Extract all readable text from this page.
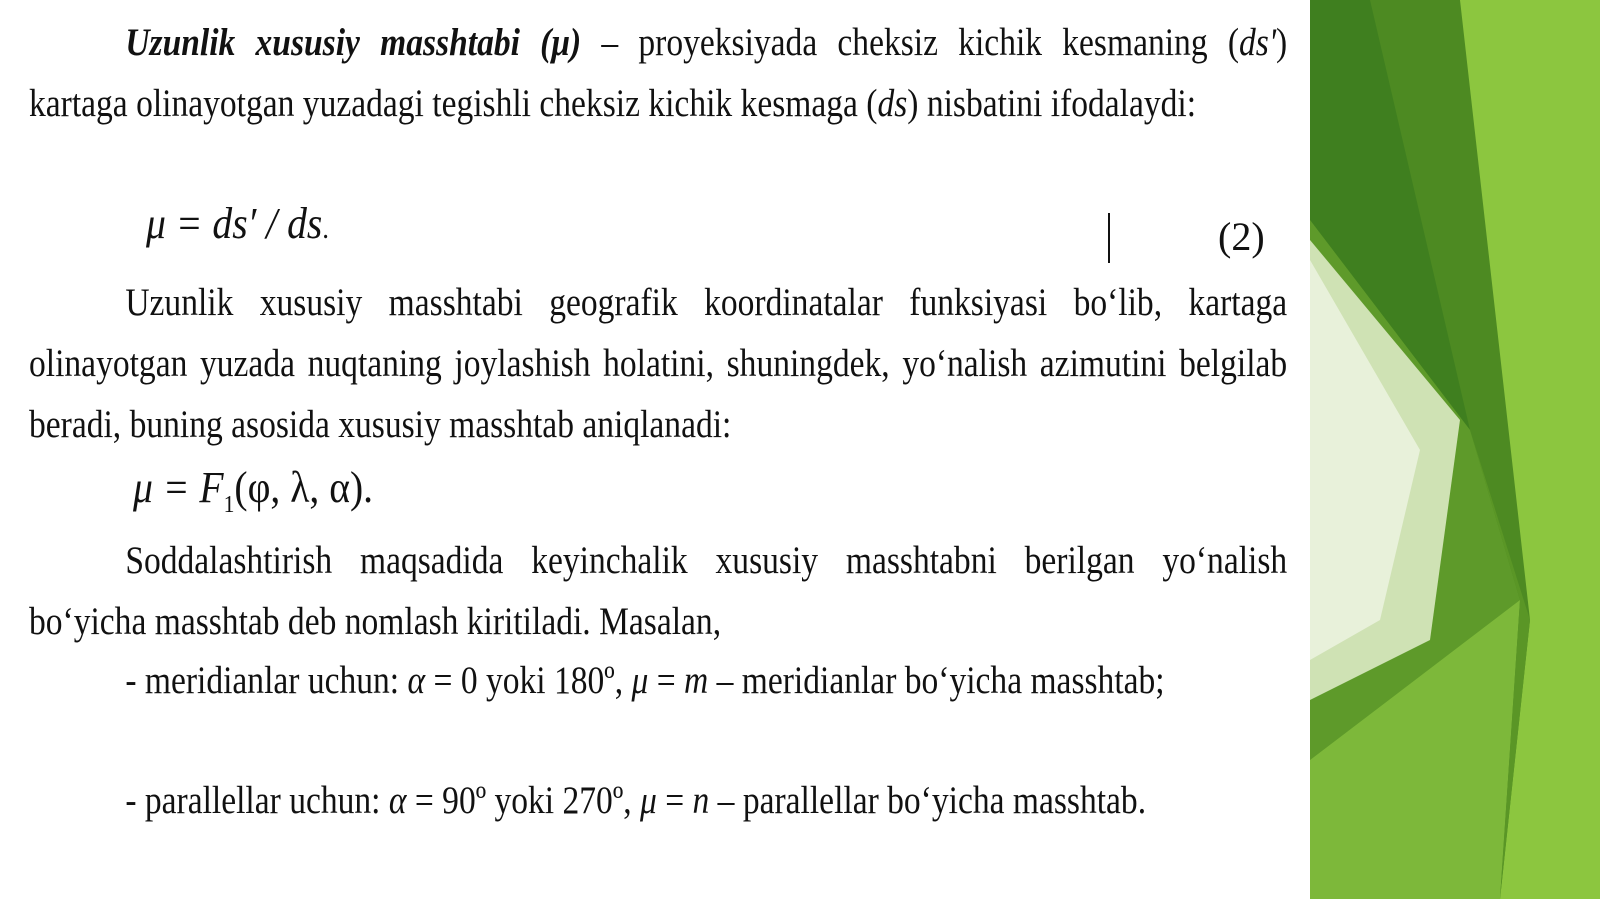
Uzunlik xususiy masshtabi (μ) – proyeksiyada cheksiz kichik kesmaning (ds') kartaga olinayotgan yuzadagi tegishli cheksiz kichik kesmaga (ds) nisbatini ifodalaydi:

μ = ds′ / ds.	(2)

Uzunlik xususiy masshtabi geografik koordinatalar funksiyasi bo‘lib, kartaga olinayotgan yuzada nuqtaning joylashish holatini, shuningdek, yo‘nalish azimutini belgilab beradi, buning asosida xususiy masshtab aniqlanadi:

$\mu = F_1(\varphi$, λ, α).

Soddalashtirish maqsadida keyinchalik xususiy masshtabni berilgan yo‘nalish bo‘yicha masshtab deb nomlash kiritiladi. Masalan,

- meridianlar uchun: α = 0 yoki 180º, μ = m – meridianlar bo‘yicha masshtab;

- parallellar uchun: α = 90º yoki 270º, μ = n – parallellar bo‘yicha masshtab.
